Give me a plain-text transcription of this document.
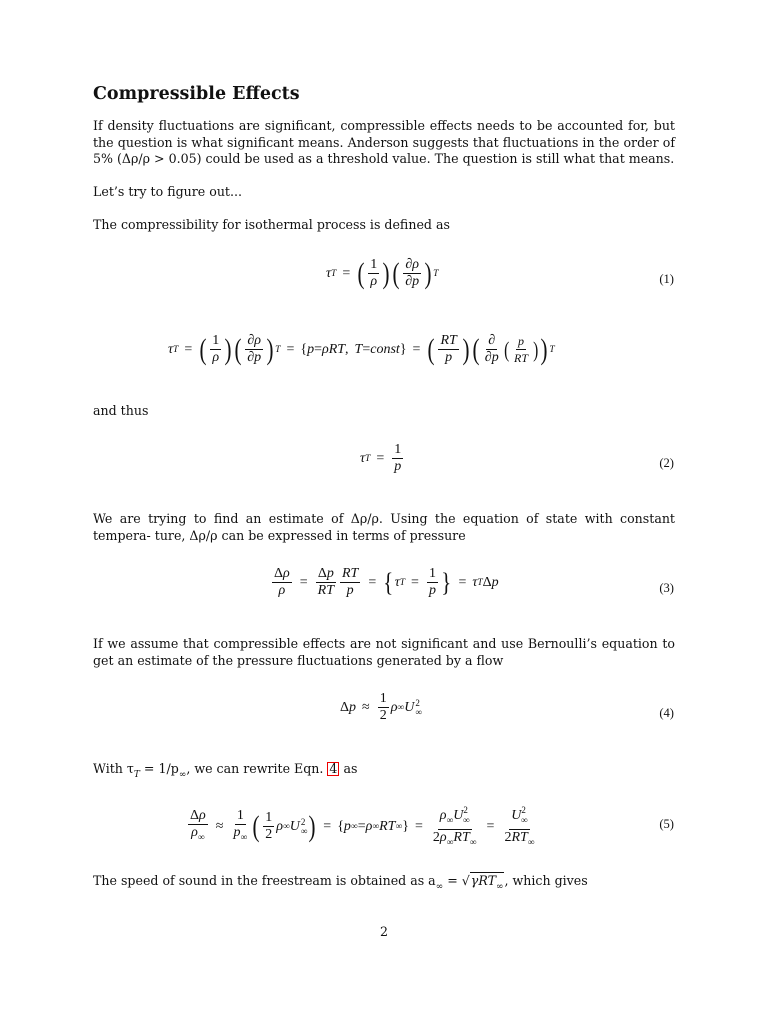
Compressible Effects

If density fluctuations are significant, compressible effects needs to be accounted for, but the question is what significant means. Anderson suggests that fluctuations in the order of 5% (Δρ/ρ > 0.05) could be used as a threshold value. The question is still what that means.

Let’s try to figure out...

The compressibility for isothermal process is defined as

τ T = ( $\frac{1}{\rho}$ ) ( $\frac{\partial\rho}{\partial p}$ ) T	(1)
τ T = ( $\frac{1}{\rho}$ ) ( $\frac{\partial\rho}{\partial p}$ ) T = { p = ρRT , T = const } = ( $\frac{RT}{p}$ ) ( $\frac{\partial}{\partial p}$ ( $\frac{p}{RT}$ ) ) T

and thus

τ $T = \frac{1}{p}$	(2)

We are trying to find an estimate of Δρ/ρ. Using the equation of state with constant tempera- ture, Δρ/ρ can be expressed in terms of pressure

$\frac{\Delta\rho}{\rho} = \frac{\Delta p}{RT} \frac{RT}{p}$ = { τ $T = \frac{1}{p}$ } = τ T Δ p	(3)

If we assume that compressible effects are not significant and use Bernoulli’s equation to get an estimate of the pressure fluctuations generated by a flow

Δ $p \approx \frac{1}{2}$ ρ ∞ U 2
∞	(4)

With $\tau_T = 1/p_\infty$, we can rewrite Eqn. 4 as

$\frac{\Delta\rho}{\rho_\infty} \approx \frac{1}{p_\infty}$ ( $\frac{1}{2}$ ρ ∞ U 2
∞ ) = { p ∞ = ρ ∞ RT ∞ } = $\frac{\rho_\infty U^2_\infty}{2\rho_\infty RT_\infty} = \frac{U^2_\infty}{2RT_\infty}$	(5)

The speed of sound in the freestream is obtained as $a_\infty = √\gamma RT_\infty$, which gives

2
